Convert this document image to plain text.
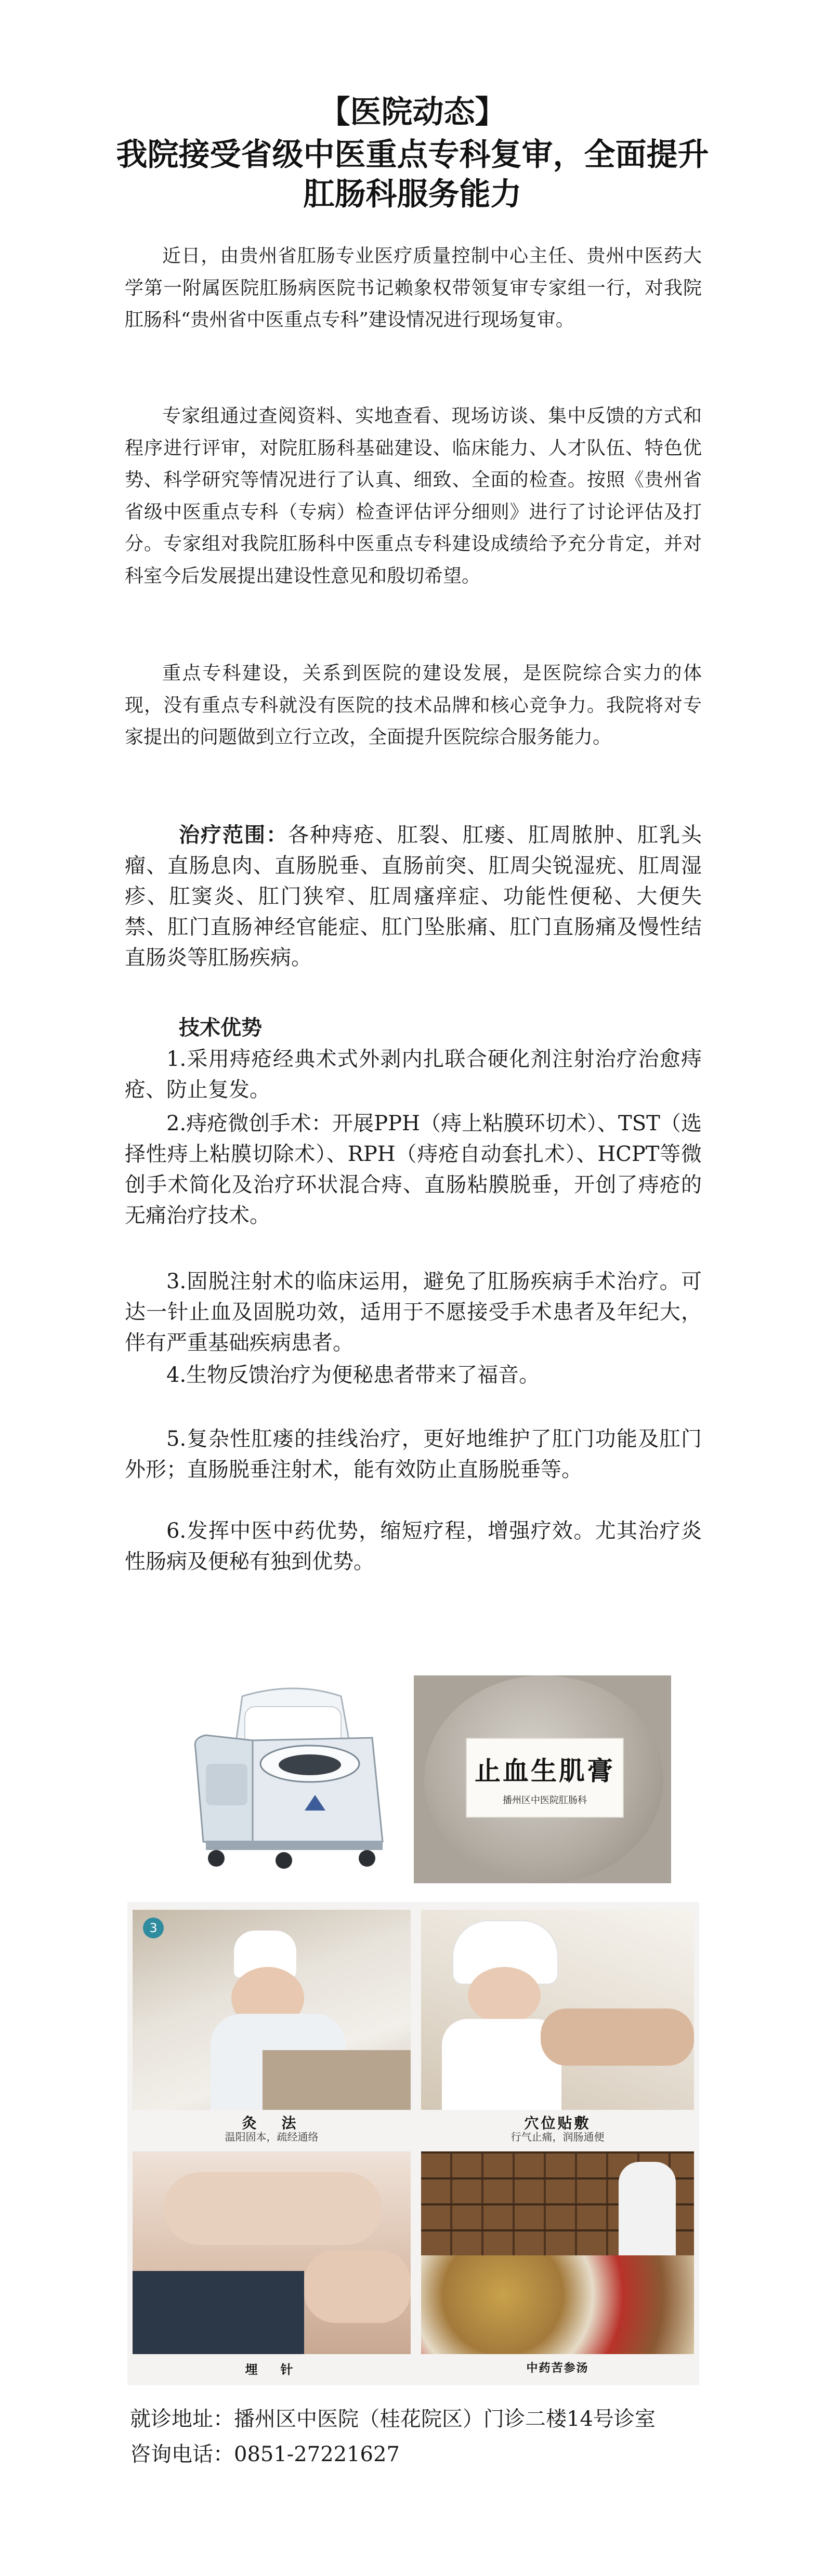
【医院动态】
我院接受省级中医重点专科复审，全面提升
肛肠科服务能力

近日，由贵州省肛肠专业医疗质量控制中心主任、贵州中医药大学第一附属医院肛肠病医院书记赖象权带领复审专家组一行，对我院肛肠科“贵州省中医重点专科”建设情况进行现场复审。

专家组通过查阅资料、实地查看、现场访谈、集中反馈的方式和程序进行评审，对院肛肠科基础建设、临床能力、人才队伍、特色优势、科学研究等情况进行了认真、细致、全面的检查。按照《贵州省省级中医重点专科（专病）检查评估评分细则》进行了讨论评估及打分。专家组对我院肛肠科中医重点专科建设成绩给予充分肯定，并对科室今后发展提出建设性意见和殷切希望。

重点专科建设，关系到医院的建设发展，是医院综合实力的体现，没有重点专科就没有医院的技术品牌和核心竞争力。我院将对专家提出的问题做到立行立改，全面提升医院综合服务能力。

治疗范围：各种痔疮、肛裂、肛瘘、肛周脓肿、肛乳头瘤、直肠息肉、直肠脱垂、直肠前突、肛周尖锐湿疣、肛周湿疹、肛窦炎、肛门狭窄、肛周瘙痒症、功能性便秘、大便失禁、肛门直肠神经官能症、肛门坠胀痛、肛门直肠痛及慢性结直肠炎等肛肠疾病。

技术优势

1.采用痔疮经典术式外剥内扎联合硬化剂注射治疗治愈痔疮、防止复发。

2.痔疮微创手术：开展PPH（痔上粘膜环切术）、TST（选择性痔上粘膜切除术）、RPH（痔疮自动套扎术）、HCPT等微创手术简化及治疗环状混合痔、直肠粘膜脱垂，开创了痔疮的无痛治疗技术。

3.固脱注射术的临床运用，避免了肛肠疾病手术治疗。可达一针止血及固脱功效，适用于不愿接受手术患者及年纪大，伴有严重基础疾病患者。

4.生物反馈治疗为便秘患者带来了福音。

5.复杂性肛瘘的挂线治疗，更好地维护了肛门功能及肛门外形；直肠脱垂注射术，能有效防止直肠脱垂等。

6.发挥中医中药优势，缩短疗程，增强疗效。尤其治疗炎性肠病及便秘有独到优势。

止血生肌膏
播州区中医院肛肠科
3
灸　法
温阳固本，疏经通络
穴位贴敷
行气止痛，润肠通便
埋　针	中药苦参汤
就诊地址：播州区中医院（桂花院区）门诊二楼14号诊室
咨询电话：0851-27221627
